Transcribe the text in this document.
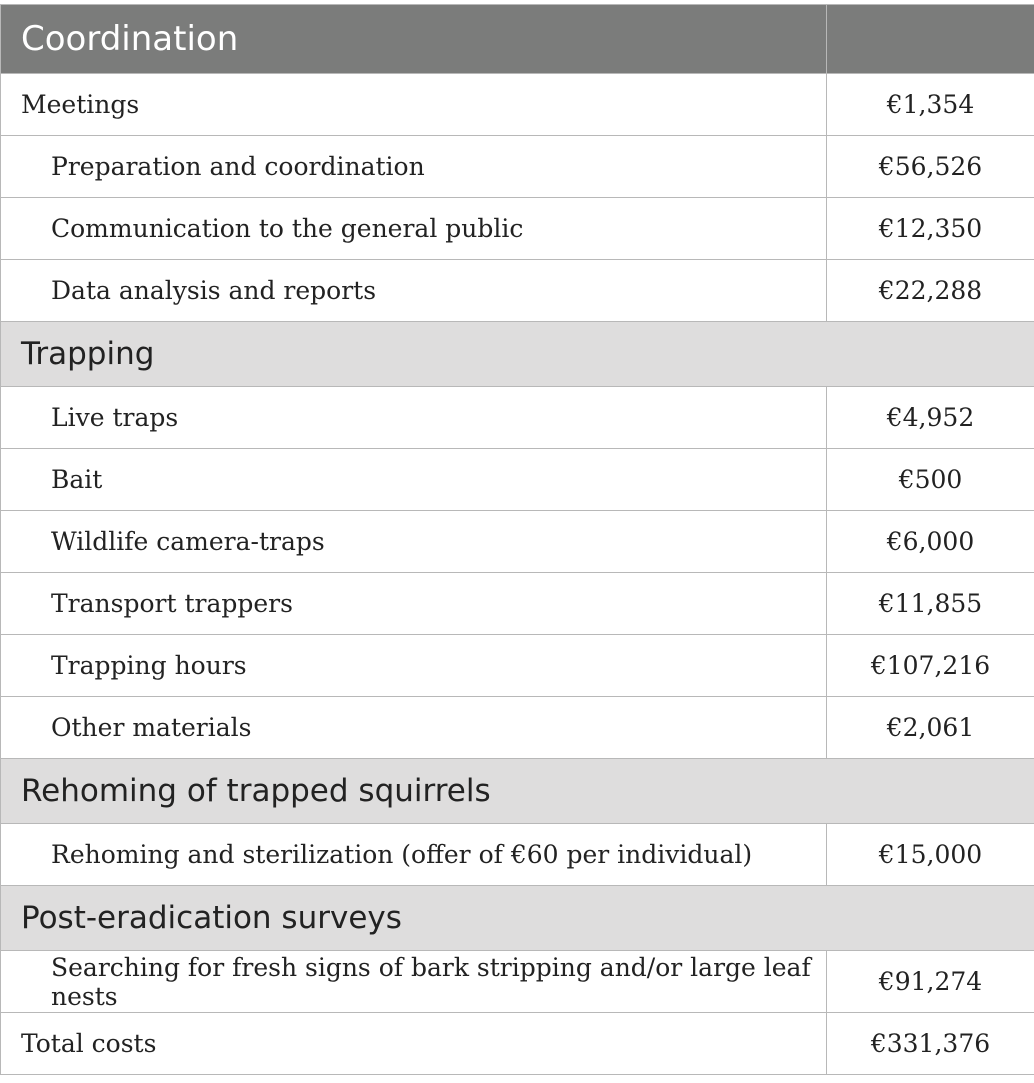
Coordination	
Meetings	€1,354
Preparation and coordination	€56,526
Communication to the general public	€12,350
Data analysis and reports	€22,288
Trapping	
Live traps	€4,952
Bait	€500
Wildlife camera-traps	€6,000
Transport trappers	€11,855
Trapping hours	€107,216
Other materials	€2,061
Rehoming of trapped squirrels	
Rehoming and sterilization (offer of €60 per individual)	€15,000
Post-eradication surveys	
Searching for fresh signs of bark stripping and/or large leaf nests	€91,274
Total costs	€331,376
